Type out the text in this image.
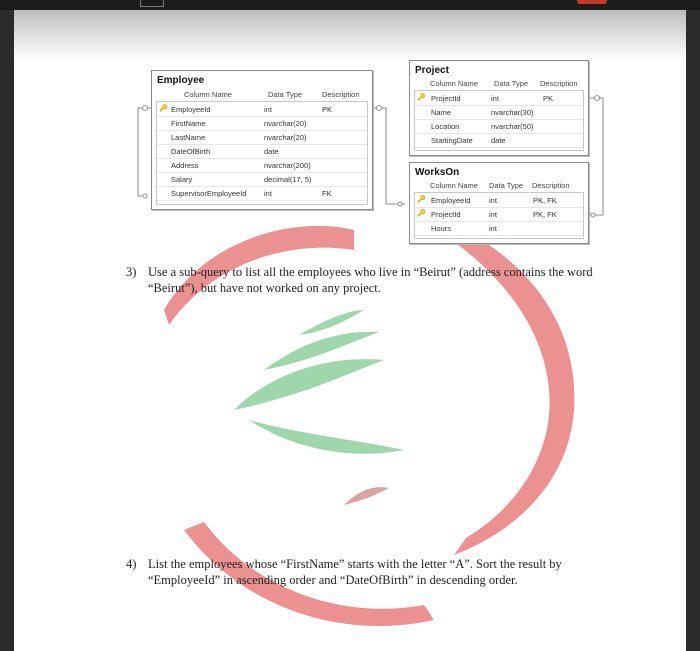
Employee
Column Name	Data Type	Description
🔑 EmployeeId	int	PK
FirstName	nvarchar(20)
LastName	nvarchar(20)
DateOfBirth	date
Address	nvarchar(200)
Salary	decimal(17, 5)
SupervisorEmployeeId int	FK
Project
Column Name Data Type Description
🔑 ProjectId	int	PK
Name	nvarchar(30)
Location	nvarchar(50)
StartingDate date
WorksOn
Column Name Data Type Description
🔑 EmployeeId int	PK, FK
🔑 ProjectId	int	PK, FK
Hours	int
3) Use a sub-query to list all the employees who live in “Beirut” (address contains the word “Beirut”), but have not worked on any project.
4) List the employees whose “FirstName” starts with the letter “A”. Sort the result by “EmployeeId” in ascending order and “DateOfBirth” in descending order.
